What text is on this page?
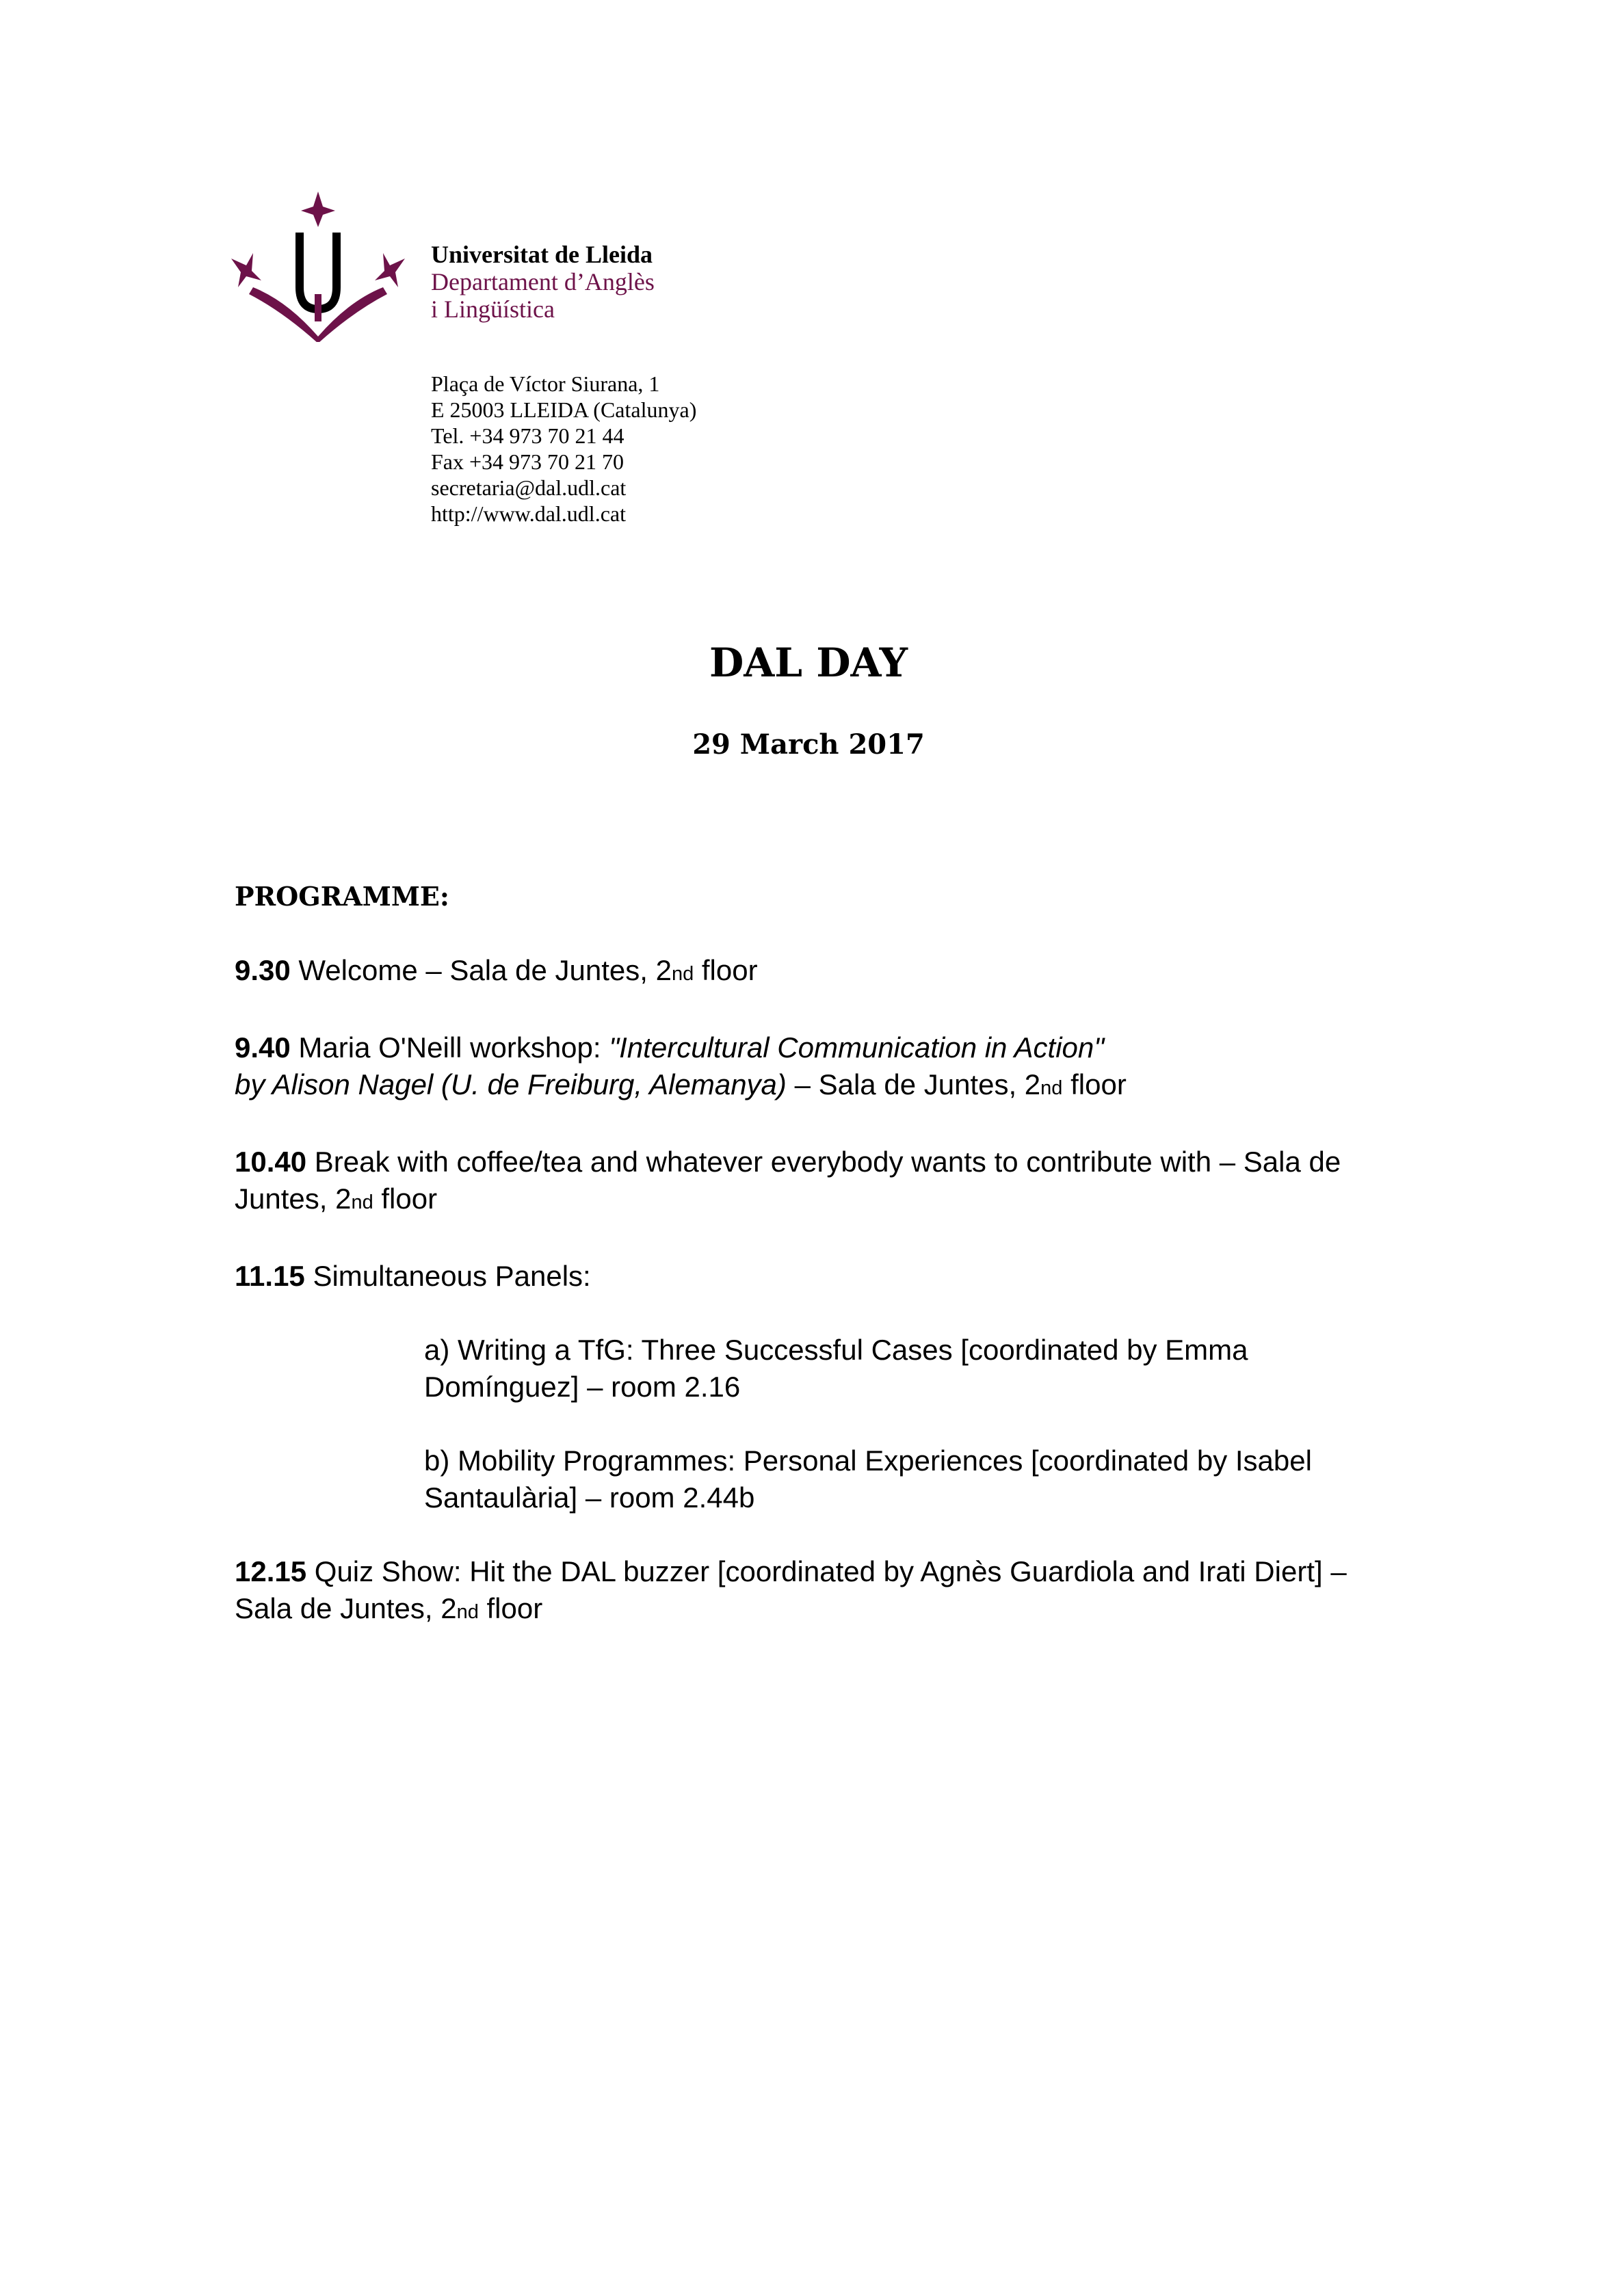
Universitat de Lleida
Departament d’Anglès
i Lingüística
Plaça de Víctor Siurana, 1
E 25003 LLEIDA (Catalunya)
Tel. +34 973 70 21 44
Fax +34 973 70 21 70
secretaria@dal.udl.cat
http://www.dal.udl.cat
DAL DAY
29 March 2017
PROGRAMME:
9.30 Welcome – Sala de Juntes, 2nd floor
9.40 Maria O'Neill workshop: "Intercultural Communication in Action"
by Alison Nagel (U. de Freiburg, Alemanya) – Sala de Juntes, 2nd floor
10.40 Break with coffee/tea and whatever everybody wants to contribute with – Sala de Juntes, 2nd floor
11.15 Simultaneous Panels:
a) Writing a TfG: Three Successful Cases [coordinated by Emma Domínguez] – room 2.16
b) Mobility Programmes: Personal Experiences [coordinated by Isabel Santaulària] – room 2.44b
12.15 Quiz Show: Hit the DAL buzzer [coordinated by Agnès Guardiola and Irati Diert] – Sala de Juntes, 2nd floor
